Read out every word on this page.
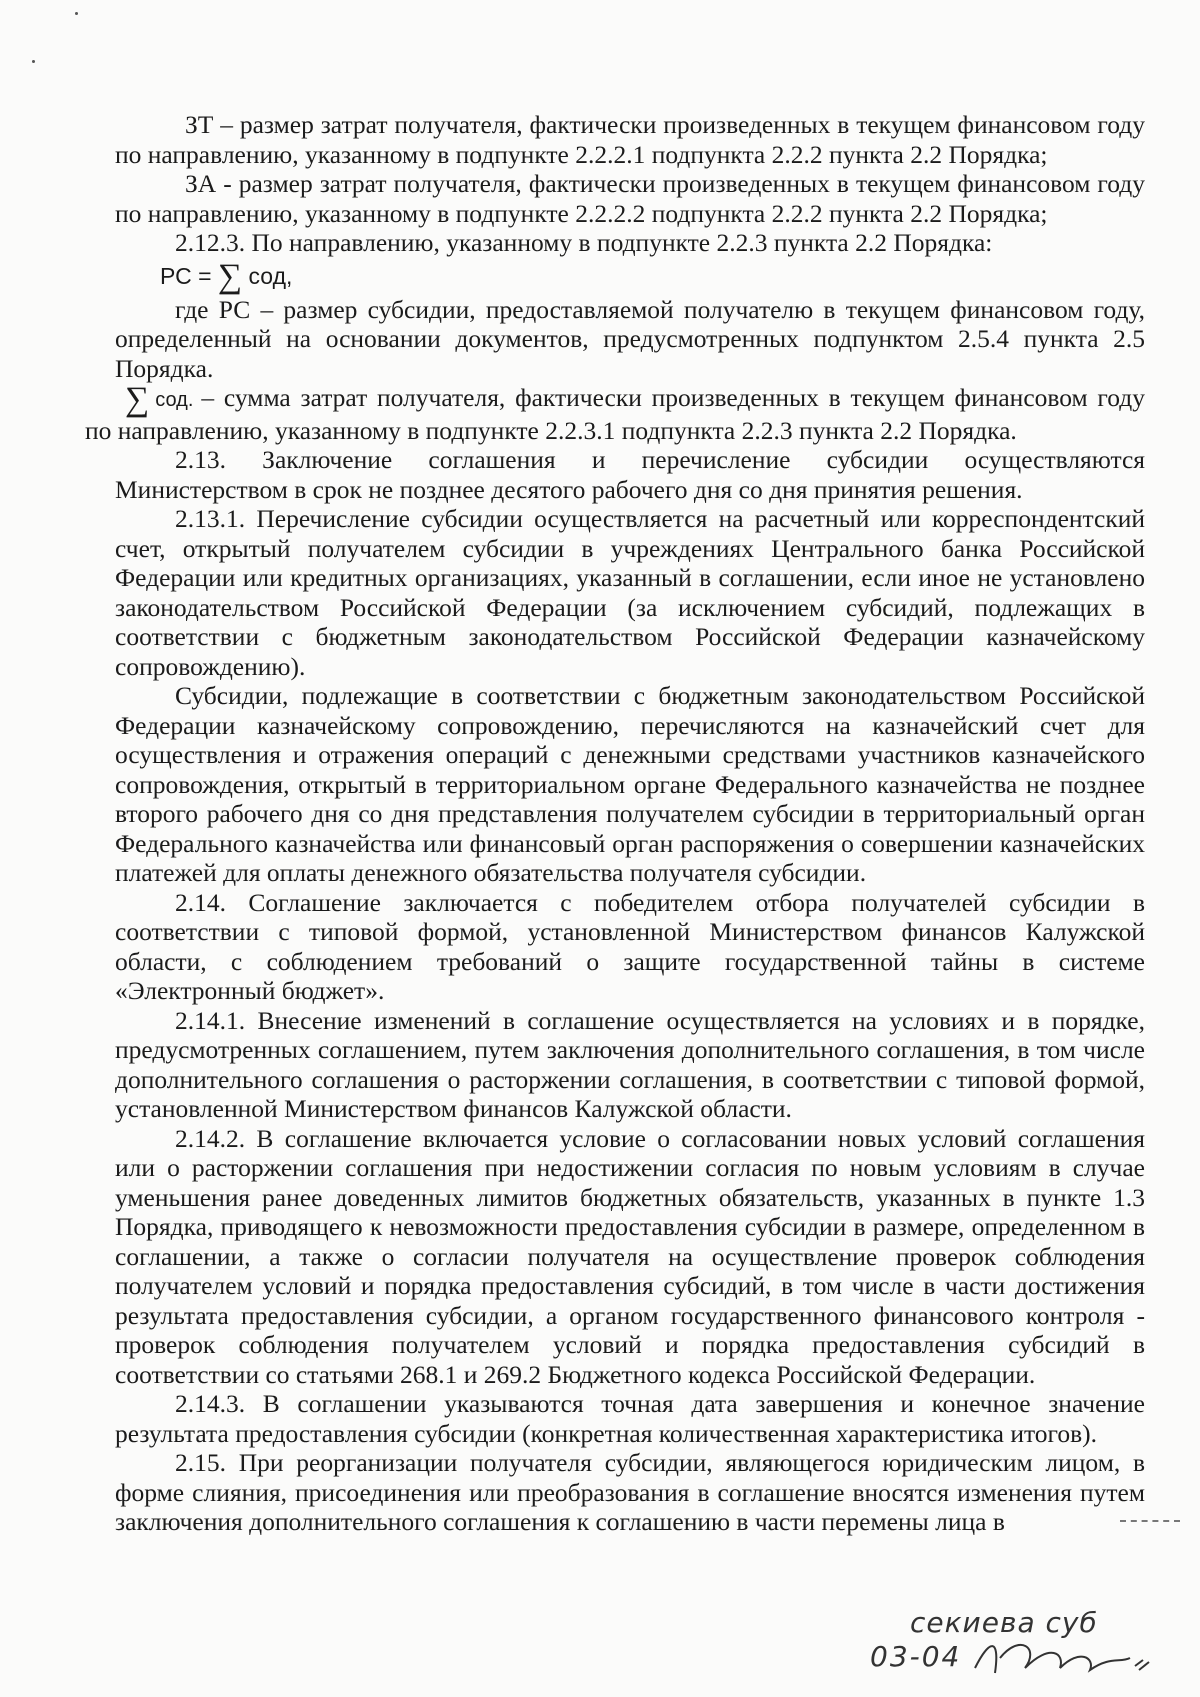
ЗТ – размер затрат получателя, фактически произведенных в текущем финансовом году по направлению, указанному в подпункте 2.2.2.1 подпункта 2.2.2 пункта 2.2 Порядка;

ЗА - размер затрат получателя, фактически произведенных в текущем финансовом году по направлению, указанному в подпункте 2.2.2.2 подпункта 2.2.2 пункта 2.2 Порядка;

2.12.3. По направлению, указанному в подпункте 2.2.3 пункта 2.2 Порядка:

РС = ∑ сод,

где РС – размер субсидии, предоставляемой получателю в текущем финансовом году, определенный на основании документов, предусмотренных подпунктом 2.5.4 пункта 2.5 Порядка.

∑ сод. – сумма затрат получателя, фактически произведенных в текущем финансовом году по направлению, указанному в подпункте 2.2.3.1 подпункта 2.2.3 пункта 2.2 Порядка.

2.13. Заключение соглашения и перечисление субсидии осуществляются Министерством в срок не позднее десятого рабочего дня со дня принятия решения.

2.13.1. Перечисление субсидии осуществляется на расчетный или корреспондентский счет, открытый получателем субсидии в учреждениях Центрального банка Российской Федерации или кредитных организациях, указанный в соглашении, если иное не установлено законодательством Российской Федерации (за исключением субсидий, подлежащих в соответствии с бюджетным законодательством Российской Федерации казначейскому сопровождению).

Субсидии, подлежащие в соответствии с бюджетным законодательством Российской Федерации казначейскому сопровождению, перечисляются на казначейский счет для осуществления и отражения операций с денежными средствами участников казначейского сопровождения, открытый в территориальном органе Федерального казначейства не позднее второго рабочего дня со дня представления получателем субсидии в территориальный орган Федерального казначейства или финансовый орган распоряжения о совершении казначейских платежей для оплаты денежного обязательства получателя субсидии.

2.14. Соглашение заключается с победителем отбора получателей субсидии в соответствии с типовой формой, установленной Министерством финансов Калужской области, с соблюдением требований о защите государственной тайны в системе «Электронный бюджет».

2.14.1. Внесение изменений в соглашение осуществляется на условиях и в порядке, предусмотренных соглашением, путем заключения дополнительного соглашения, в том числе дополнительного соглашения о расторжении соглашения, в соответствии с типовой формой, установленной Министерством финансов Калужской области.

2.14.2. В соглашение включается условие о согласовании новых условий соглашения или о расторжении соглашения при недостижении согласия по новым условиям в случае уменьшения ранее доведенных лимитов бюджетных обязательств, указанных в пункте 1.3 Порядка, приводящего к невозможности предоставления субсидии в размере, определенном в соглашении, а также о согласии получателя на осуществление проверок соблюдения получателем условий и порядка предоставления субсидий, в том числе в части достижения результата предоставления субсидии, а органом государственного финансового контроля - проверок соблюдения получателем условий и порядка предоставления субсидий в соответствии со статьями 268.1 и 269.2 Бюджетного кодекса Российской Федерации.

2.14.3. В соглашении указываются точная дата завершения и конечное значение результата предоставления субсидии (конкретная количественная характеристика итогов).

2.15. При реорганизации получателя субсидии, являющегося юридическим лицом, в форме слияния, присоединения или преобразования в соглашение вносятся изменения путем заключения дополнительного соглашения к соглашению в части перемены лица в

секиева суб
03-04
